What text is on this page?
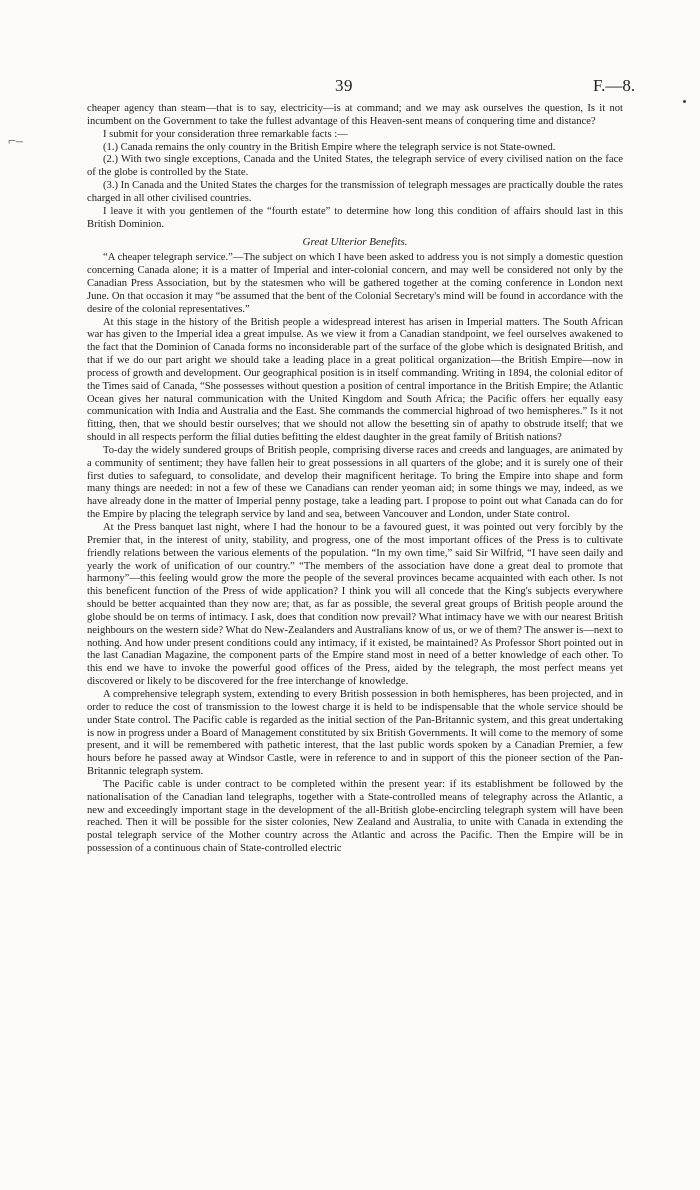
39	F.—8.
⌐–

cheaper agency than steam—that is to say, electricity—is at command; and we may ask ourselves the question, Is it not incumbent on the Government to take the fullest advantage of this Heaven-sent means of conquering time and distance?

I submit for your consideration three remarkable facts :—

(1.) Canada remains the only country in the British Empire where the telegraph service is not State-owned.

(2.) With two single exceptions, Canada and the United States, the telegraph service of every civilised nation on the face of the globe is controlled by the State.

(3.) In Canada and the United States the charges for the transmission of telegraph messages are practically double the rates charged in all other civilised countries.

I leave it with you gentlemen of the “fourth estate” to determine how long this condition of affairs should last in this British Dominion.

Great Ulterior Benefits.

“A cheaper telegraph service.”—The subject on which I have been asked to address you is not simply a domestic question concerning Canada alone; it is a matter of Imperial and inter-colonial concern, and may well be considered not only by the Canadian Press Association, but by the statesmen who will be gathered together at the coming conference in London next June. On that occasion it may “be assumed that the bent of the Colonial Secretary's mind will be found in accordance with the desire of the colonial representatives.”

At this stage in the history of the British people a widespread interest has arisen in Imperial matters. The South African war has given to the Imperial idea a great impulse. As we view it from a Canadian standpoint, we feel ourselves awakened to the fact that the Dominion of Canada forms no inconsiderable part of the surface of the globe which is designated British, and that if we do our part aright we should take a leading place in a great political organization—the British Empire—now in process of growth and development. Our geographical position is in itself commanding. Writing in 1894, the colonial editor of the Times said of Canada, “She possesses without question a position of central importance in the British Empire; the Atlantic Ocean gives her natural communication with the United Kingdom and South Africa; the Pacific offers her equally easy communication with India and Australia and the East. She commands the commercial highroad of two hemispheres.” Is it not fitting, then, that we should bestir ourselves; that we should not allow the besetting sin of apathy to obstrude itself; that we should in all respects perform the filial duties befitting the eldest daughter in the great family of British nations?

To-day the widely sundered groups of British people, comprising diverse races and creeds and languages, are animated by a community of sentiment; they have fallen heir to great possessions in all quarters of the globe; and it is surely one of their first duties to safeguard, to consolidate, and develop their magnificent heritage. To bring the Empire into shape and form many things are needed: in not a few of these we Canadians can render yeoman aid; in some things we may, indeed, as we have already done in the matter of Imperial penny postage, take a leading part. I propose to point out what Canada can do for the Empire by placing the telegraph service by land and sea, between Vancouver and London, under State control.

At the Press banquet last night, where I had the honour to be a favoured guest, it was pointed out very forcibly by the Premier that, in the interest of unity, stability, and progress, one of the most important offices of the Press is to cultivate friendly relations between the various elements of the population. “In my own time,” said Sir Wilfrid, “I have seen daily and yearly the work of unification of our country.” “The members of the association have done a great deal to promote that harmony”—this feeling would grow the more the people of the several provinces became acquainted with each other. Is not this beneficent function of the Press of wide application? I think you will all concede that the King's subjects everywhere should be better acquainted than they now are; that, as far as possible, the several great groups of British people around the globe should be on terms of intimacy. I ask, does that condition now prevail? What intimacy have we with our nearest British neighbours on the western side? What do New-Zealanders and Australians know of us, or we of them? The answer is—next to nothing. And how under present conditions could any intimacy, if it existed, be maintained? As Professor Short pointed out in the last Canadian Magazine, the component parts of the Empire stand most in need of a better knowledge of each other. To this end we have to invoke the powerful good offices of the Press, aided by the telegraph, the most perfect means yet discovered or likely to be discovered for the free interchange of knowledge.

A comprehensive telegraph system, extending to every British possession in both hemispheres, has been projected, and in order to reduce the cost of transmission to the lowest charge it is held to be indispensable that the whole service should be under State control. The Pacific cable is regarded as the initial section of the Pan-Britannic system, and this great undertaking is now in progress under a Board of Management constituted by six British Governments. It will come to the memory of some present, and it will be remembered with pathetic interest, that the last public words spoken by a Canadian Premier, a few hours before he passed away at Windsor Castle, were in reference to and in support of this the pioneer section of the Pan-Britannic telegraph system.

The Pacific cable is under contract to be completed within the present year: if its establishment be followed by the nationalisation of the Canadian land telegraphs, together with a State-controlled means of telegraphy across the Atlantic, a new and exceedingly important stage in the development of the all-British globe-encircling telegraph system will have been reached. Then it will be possible for the sister colonies, New Zealand and Australia, to unite with Canada in extending the postal telegraph service of the Mother country across the Atlantic and across the Pacific. Then the Empire will be in possession of a continuous chain of State-controlled electric
